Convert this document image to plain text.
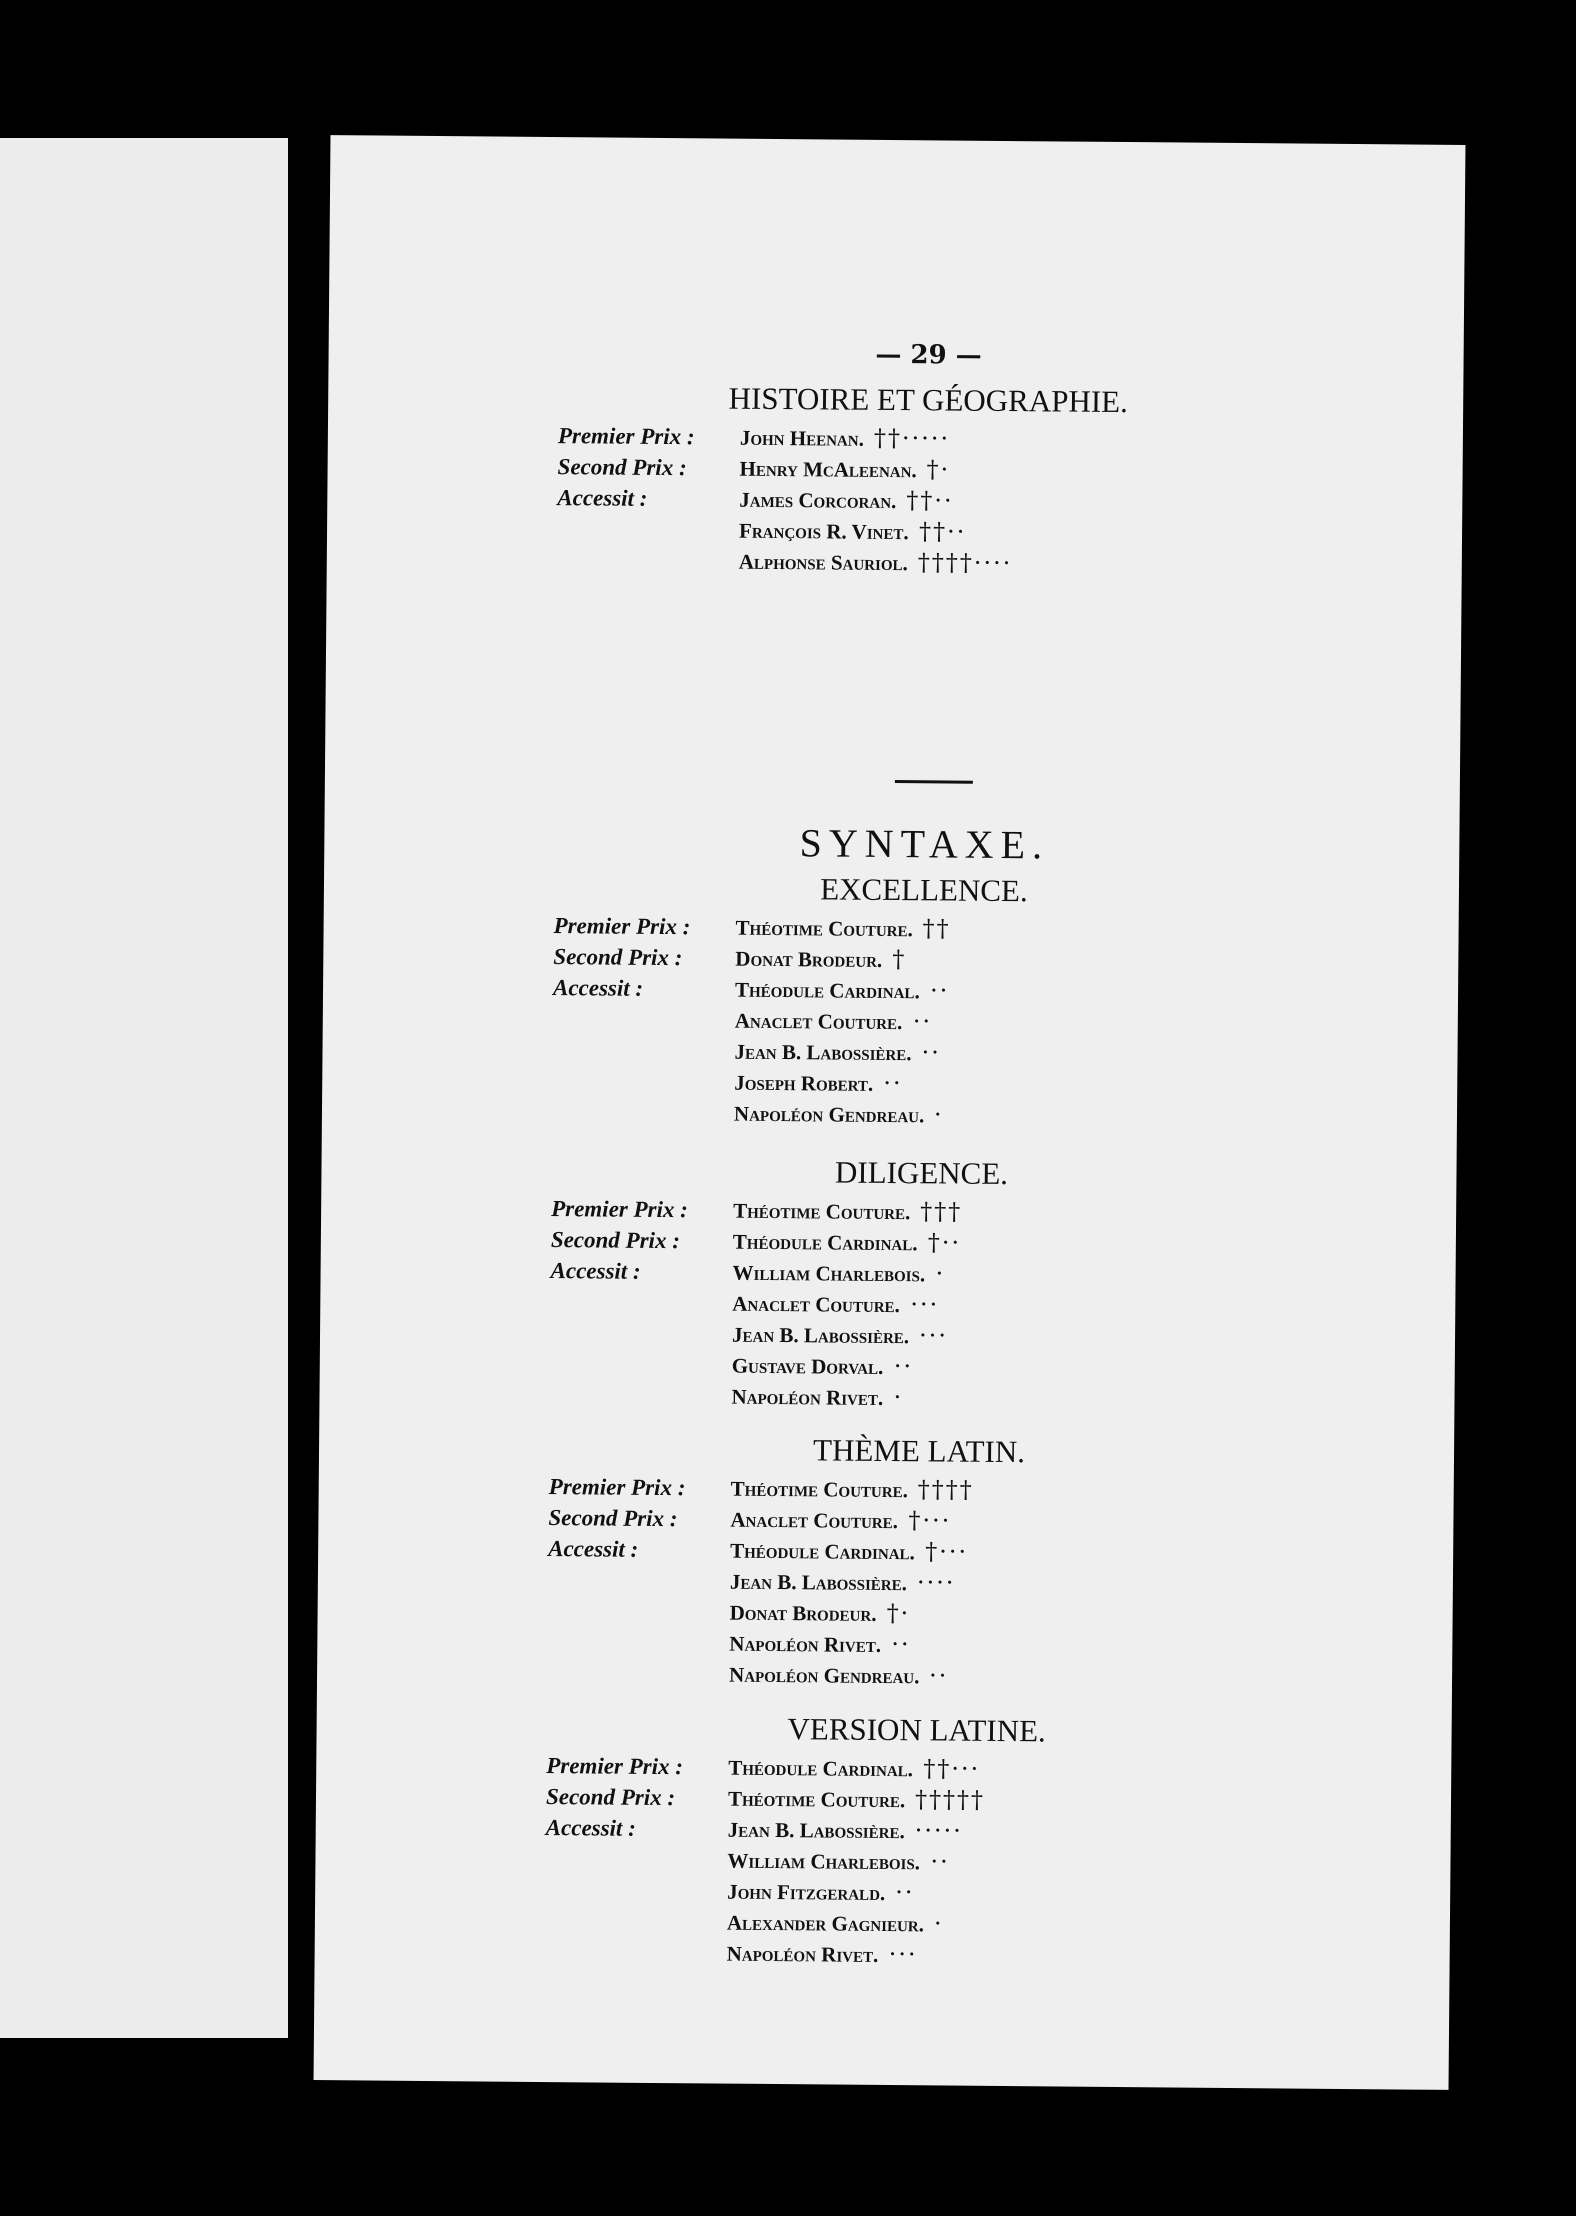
— 29 —

HISTOIRE ET GÉOGRAPHIE.

Premier Prix : John Heenan. ††·····
Second Prix :	Henry McAleenan. †·
Accessit :	James Corcoran. ††··
François R. Vinet. ††··
Alphonse Sauriol. ††††····

SYNTAXE.

EXCELLENCE.

Premier Prix : Théotime Couture. ††
Second Prix :	Donat Brodeur. †
Accessit :	Théodule Cardinal. ··
Anaclet Couture. ··
Jean B. Labossière. ··
Joseph Robert. ··
Napoléon Gendreau. ·

DILIGENCE.

Premier Prix : Théotime Couture. †††
Second Prix :	Théodule Cardinal. †··
Accessit :	William Charlebois. ·
Anaclet Couture. ···
Jean B. Labossière. ···
Gustave Dorval. ··
Napoléon Rivet. ·

THÈME LATIN.

Premier Prix : Théotime Couture. ††††
Second Prix :	Anaclet Couture. †···
Accessit :	Théodule Cardinal. †···
Jean B. Labossière. ····
Donat Brodeur. †·
Napoléon Rivet. ··
Napoléon Gendreau. ··

VERSION LATINE.

Premier Prix : Théodule Cardinal. ††···
Second Prix :	Théotime Couture. †††††
Accessit :	Jean B. Labossière. ·····
William Charlebois. ··
John Fitzgerald. ··
Alexander Gagnieur. ·
Napoléon Rivet. ···
